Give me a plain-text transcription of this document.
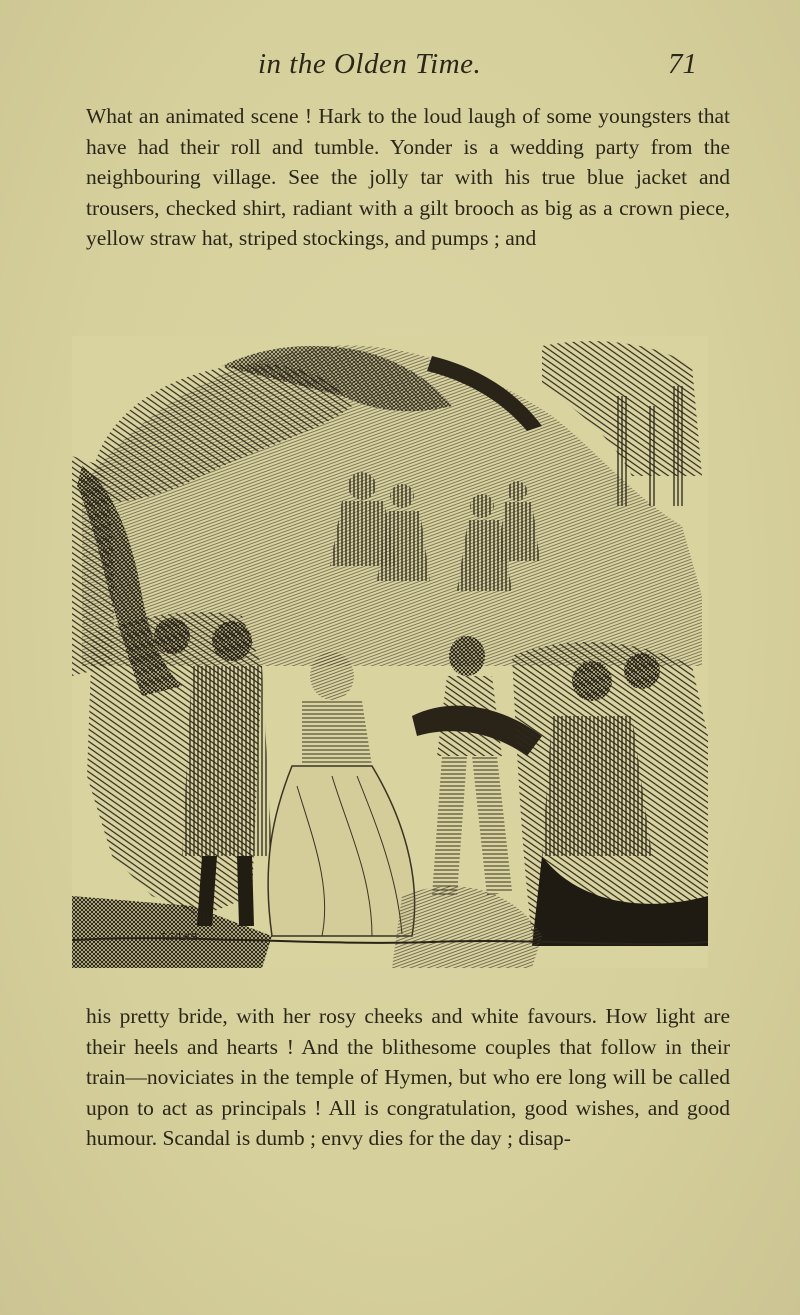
in the Olden Time.	71

What an animated scene ! Hark to the loud laugh of some youngsters that have had their roll and tumble. Yonder is a wedding party from the neighbouring village. See the jolly tar with his true blue jacket and trousers, checked shirt, radiant with a gilt brooch as big as a crown piece, yellow straw hat, striped stockings, and pumps ; and

T.GILKS

his pretty bride, with her rosy cheeks and white favours. How light are their heels and hearts ! And the blithesome couples that follow in their train—noviciates in the temple of Hymen, but who ere long will be called upon to act as principals ! All is congratulation, good wishes, and good humour. Scandal is dumb ; envy dies for the day ; disap-
